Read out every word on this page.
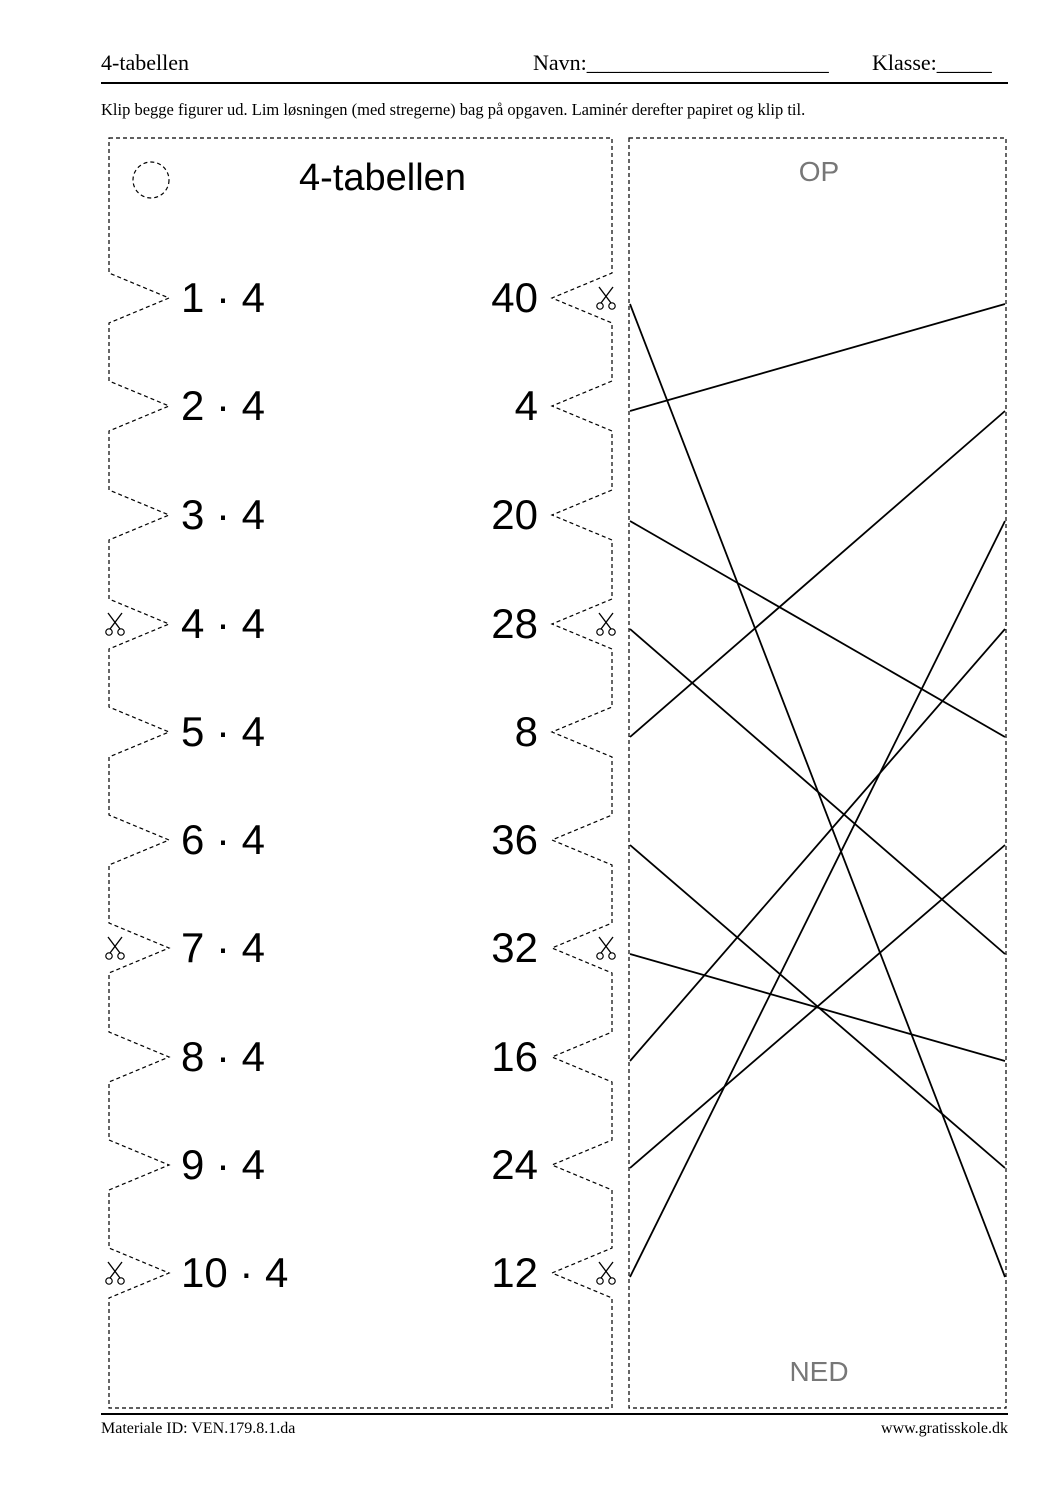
4-tabellen	Navn:______________________ Klasse:_____
Klip begge figurer ud. Lim løsningen (med stregerne) bag på opgaven. Laminér derefter papiret og klip til.
4-tabellen
1 · 4
2 · 4
3 · 4
4 · 4
5 · 4
6 · 4
7 · 4
8 · 4
9 · 4
10 · 4
40
4
20
28
8
36
32
16
24
12
OP
NED
Materiale ID: VEN.179.8.1.da	www.gratisskole.dk
